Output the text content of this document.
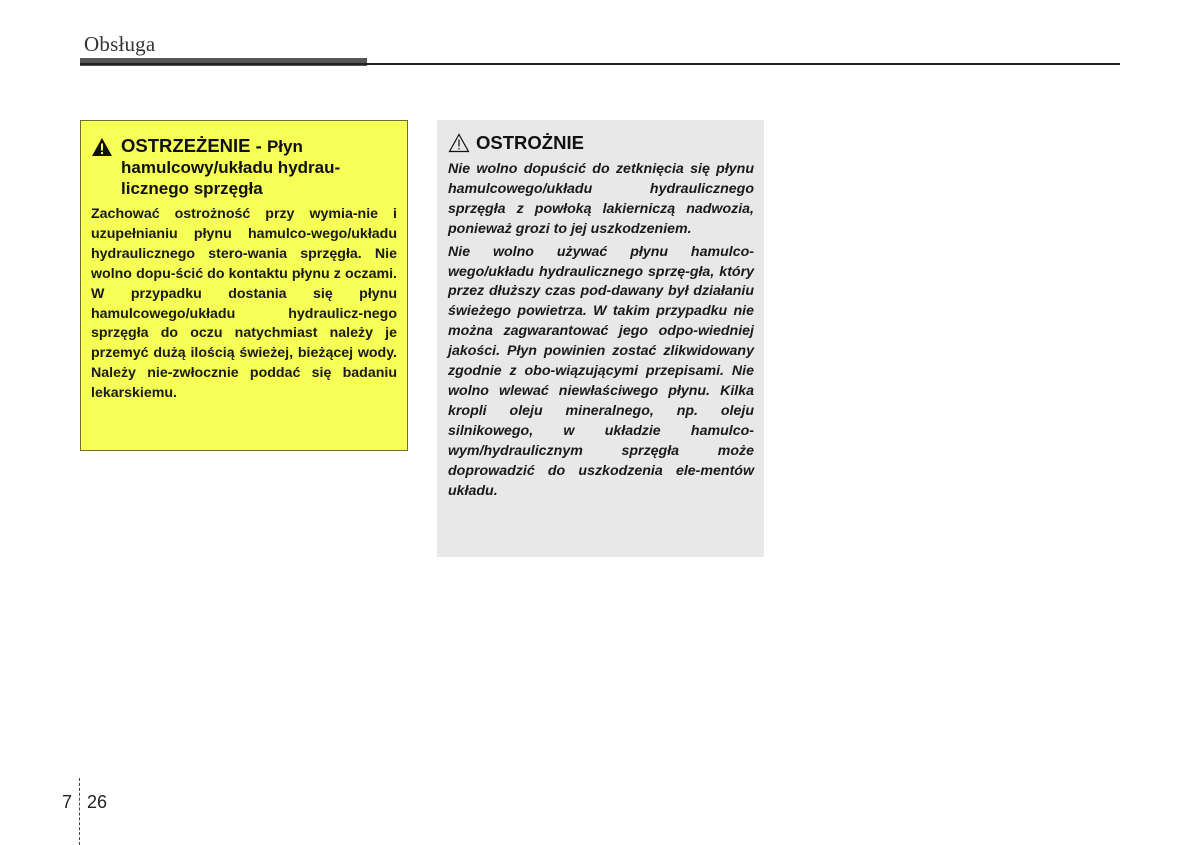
Obsługa
OSTRZEŻENIE - Płyn hamulcowy/układu hydrau-licznego sprzęgła

Zachować ostrożność przy wymia-nie i uzupełnianiu płynu hamulco-wego/układu hydraulicznego stero-wania sprzęgła. Nie wolno dopu-ścić do kontaktu płynu z oczami. W przypadku dostania się płynu hamulcowego/układu hydraulicz-nego sprzęgła do oczu natychmiast należy je przemyć dużą ilością świeżej, bieżącej wody. Należy nie-zwłocznie poddać się badaniu lekarskiemu.

OSTROŻNIE

Nie wolno dopuścić do zetknięcia się płynu hamulcowego/układu hydraulicznego sprzęgła z powłoką lakierniczą nadwozia, ponieważ grozi to jej uszkodzeniem.

Nie wolno używać płynu hamulco-wego/układu hydraulicznego sprzę-gła, który przez dłuższy czas pod-dawany był działaniu świeżego powietrza. W takim przypadku nie można zagwarantować jego odpo-wiedniej jakości. Płyn powinien zostać zlikwidowany zgodnie z obo-wiązującymi przepisami. Nie wolno wlewać niewłaściwego płynu. Kilka kropli oleju mineralnego, np. oleju silnikowego, w układzie hamulco-wym/hydraulicznym sprzęgła może doprowadzić do uszkodzenia ele-mentów układu.

7 26
